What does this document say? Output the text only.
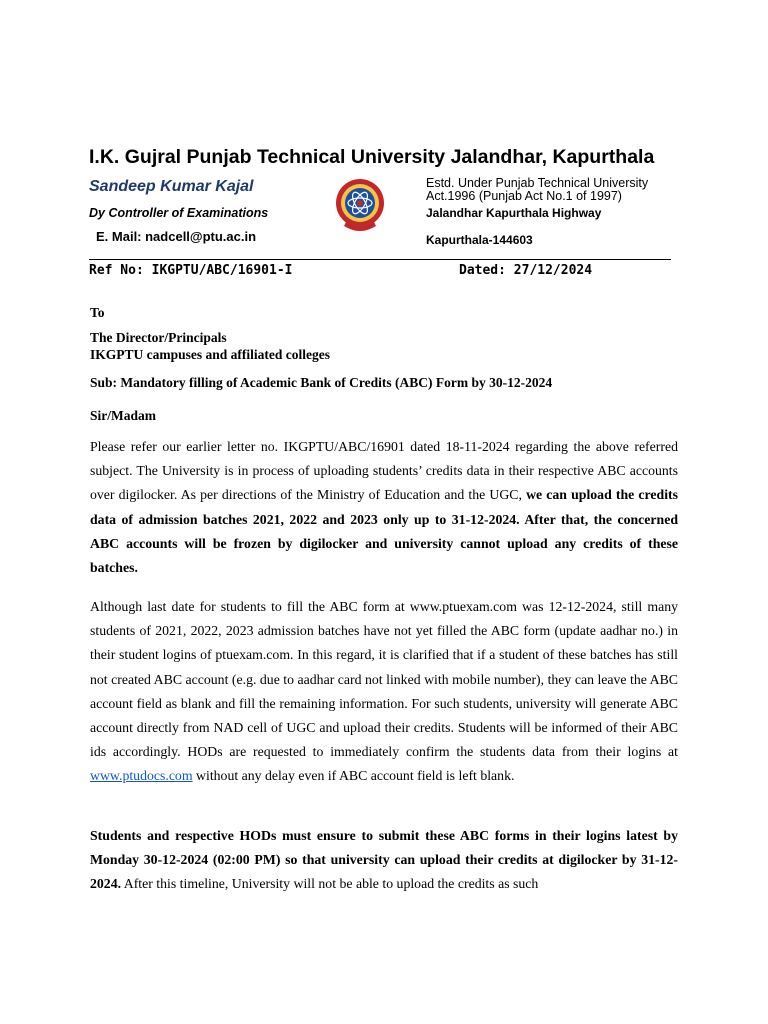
I.K. Gujral Punjab Technical University Jalandhar, Kapurthala
Sandeep Kumar Kajal
Dy Controller of Examinations
E. Mail: nadcell@ptu.ac.in
Estd. Under Punjab Technical University
Act.1996 (Punjab Act No.1 of 1997)
Jalandhar Kapurthala Highway
Kapurthala-144603
Ref No: IKGPTU/ABC/16901-I	Dated: 27/12/2024
To
The Director/Principals
IKGPTU campuses and affiliated colleges
Sub: Mandatory filling of Academic Bank of Credits (ABC) Form by 30-12-2024
Sir/Madam
Please refer our earlier letter no. IKGPTU/ABC/16901 dated 18-11-2024 regarding the above referred subject. The University is in process of uploading students’ credits data in their respective ABC accounts over digilocker. As per directions of the Ministry of Education and the UGC, we can upload the credits data of admission batches 2021, 2022 and 2023 only up to 31-12-2024. After that, the concerned ABC accounts will be frozen by digilocker and university cannot upload any credits of these batches.
Although last date for students to fill the ABC form at www.ptuexam.com was 12-12-2024, still many students of 2021, 2022, 2023 admission batches have not yet filled the ABC form (update aadhar no.) in their student logins of ptuexam.com. In this regard, it is clarified that if a student of these batches has still not created ABC account (e.g. due to aadhar card not linked with mobile number), they can leave the ABC account field as blank and fill the remaining information. For such students, university will generate ABC account directly from NAD cell of UGC and upload their credits. Students will be informed of their ABC ids accordingly. HODs are requested to immediately confirm the students data from their logins at www.ptudocs.com without any delay even if ABC account field is left blank.
Students and respective HODs must ensure to submit these ABC forms in their logins latest by Monday 30-12-2024 (02:00 PM) so that university can upload their credits at digilocker by 31-12-2024. After this timeline, University will not be able to upload the credits as such
